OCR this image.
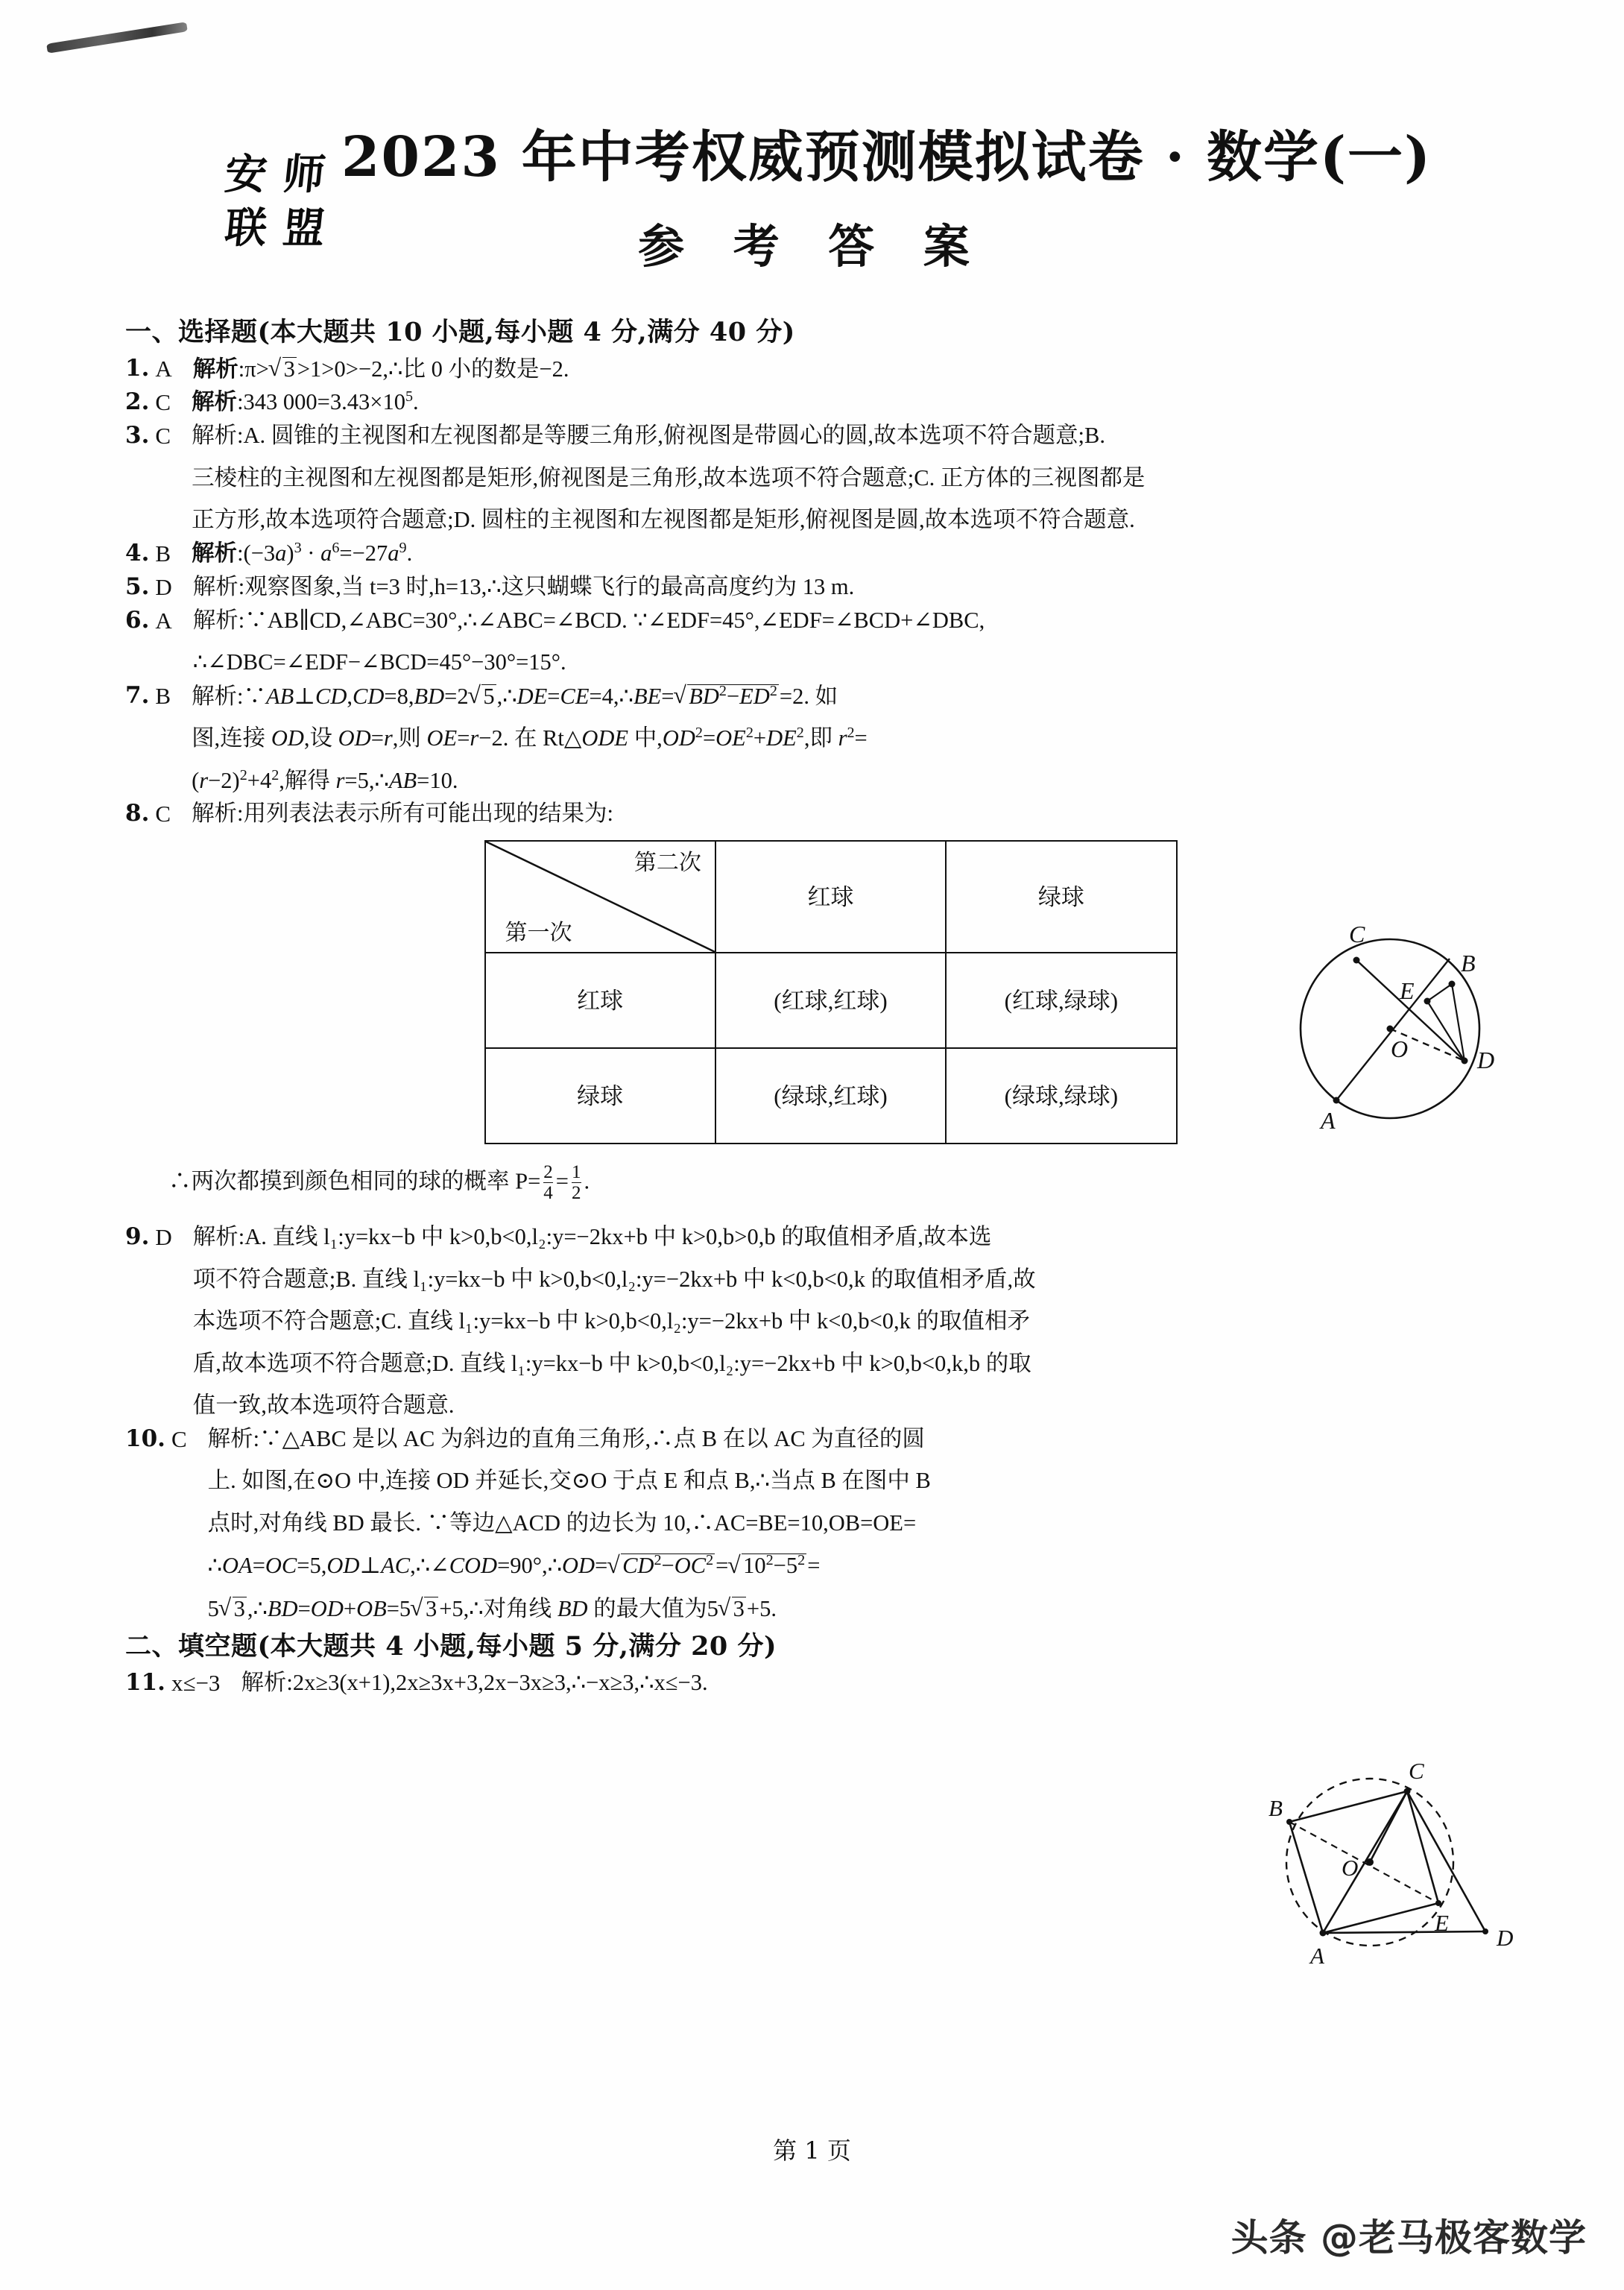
安 师
联 盟
2023 年中考权威预测模拟试卷 · 数学(一)
参 考 答 案
一、选择题(本大题共 10 小题,每小题 4 分,满分 40 分)
1. A 解析:π> √ 3>1>0>−2,∴比 0 小的数是−2.
2. C 解析:343 $000=3.43\times 10^5$.
3. C 解析:A. 圆锥的主视图和左视图都是等腰三角形,俯视图是带圆心的圆,故本选项不符合题意;B.
三棱柱的主视图和左视图都是矩形,俯视图是三角形,故本选项不符合题意;C. 正方体的三视图都是
正方形,故本选项符合题意;D. 圆柱的主视图和左视图都是矩形,俯视图是圆,故本选项不符合题意.
4. B 解析$:(-3a)^3 \cdot a^6=-27a^9$.
5. D 解析:观察图象,当 t=3 时,h=13,∴这只蝴蝶飞行的最高高度约为 13 m.
6. A 解析:∵AB∥CD,∠ABC=30°,∴∠ABC=∠BCD. ∵∠EDF=45°,∠EDF=∠BCD+∠DBC,
∴∠DBC=∠EDF−∠BCD=45°−30°=15°.
7. B 解析:∵AB⊥CD,CD=8,BD=2 √ 5,∴DE=CE=4,∴BE= √ $BD^2-ED^2=2$. 如
图,连接 OD,设 OD=r,则 OE=r−2. 在 Rt△ODE 中$,OD^2=OE^2+DE^2$,即 $r^2=$
$(r-2)^2+4^2$,解得 r=5,∴AB=10.
8. C 解析:用列表法表示所有可能出现的结果为:
第二次
第一次	红球	绿球
红球	(红球,红球)	(红球,绿球)
绿球	(绿球,红球)	(绿球,绿球)
∴两次都摸到颜色相同的球的概率 $P= \frac{2}{4} = \frac{1}{2}$ .
9. D 解析:A. 直线 l₁:y=kx−b 中 k>0,b<0,l₂:y=−2kx+b 中 k>0,b>0,b 的取值相矛盾,故本选
项不符合题意;B. 直线 l₁:y=kx−b 中 k>0,b<0,l₂:y=−2kx+b 中 k<0,b<0,k 的取值相矛盾,故
本选项不符合题意;C. 直线 l₁:y=kx−b 中 k>0,b<0,l₂:y=−2kx+b 中 k<0,b<0,k 的取值相矛
盾,故本选项不符合题意;D. 直线 l₁:y=kx−b 中 k>0,b<0,l₂:y=−2kx+b 中 k>0,b<0,k,b 的取
值一致,故本选项符合题意.
10. C 解析:∵△ABC 是以 AC 为斜边的直角三角形,∴点 B 在以 AC 为直径的圆
上. 如图,在⊙O 中,连接 OD 并延长,交⊙O 于点 E 和点 B,∴当点 B 在图中 B
点时,对角线 BD 最长. ∵等边△ACD 的边长为 10,∴AC=BE=10,OB=OE=
∴OA=OC=5,OD⊥AC,∴∠COD=90°,∴OD= √ $CD^2-OC^2=$ √ $10^2-5^2=$
5 √ 3,∴BD=OD+OB=5 √ 3+5,∴对角线 BD 的最大值为5 √ 3+5.
二、填空题(本大题共 4 小题,每小题 5 分,满分 20 分)
11. x≤−3 解析:2x≥3(x+1),2x≥3x+3,2x−3x≥3,∴−x≥3,∴x≤−3.
C
B
E
O	D
A
C
B
O
E
D
A
第 1 页
头条 @老马极客数学
